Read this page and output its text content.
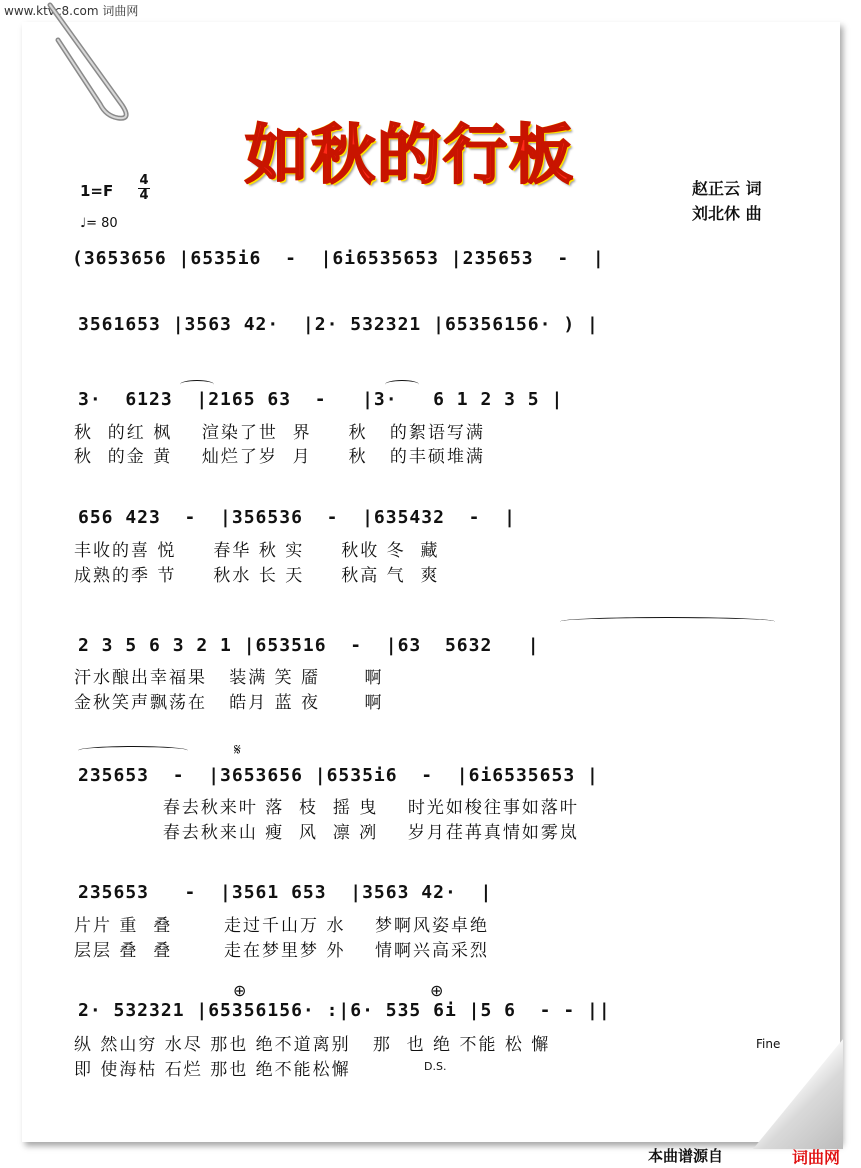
www.ktvc8.com 词曲网
如秋的行板
1=F
4
4
♩= 80
赵正云 词
刘北休 曲
(3653656 |6535i6  -  |6i6535653 |235653  -  |
3561653 |3563 42·  |2· 532321 |65356156· ) |
3·  6123  |2165 63  -   |3·   6 1 2 3 5 |
秋  的红 枫    渲染了世  界     秋   的絮语写满
秋  的金 黄    灿烂了岁  月     秋   的丰硕堆满
656 423  -  |356536  -  |635432  -  |
丰收的喜 悦     春华 秋 实     秋收 冬  藏
成熟的季 节     秋水 长 天     秋高 气  爽
2 3 5 6 3 2 1 |653516  -  |63  5632   |
汗水酿出幸福果   装满 笑 靥      啊
金秋笑声飘荡在   皓月 蓝 夜      啊
𝄋
235653  -  |3653656 |6535i6  -  |6i6535653 |
春去秋来叶 落  枝  摇 曳    时光如梭往事如落叶
春去秋来山 瘦  风  凛 冽    岁月荏苒真情如雾岚
235653   -  |3561 653  |3563 42·  |
片片 重  叠       走过千山万 水    梦啊风姿卓绝
层层 叠  叠       走在梦里梦 外    情啊兴高采烈
⊕	⊕
2· 532321 |65356156· :|6· 535 6i |5 6  - - ||
纵 然山穷 水尽 那也 绝不道离别   那  也 绝 不能 松 懈
即 使海枯 石烂 那也 绝不能松懈
Fine
D.S.
本曲谱源自	词曲网
